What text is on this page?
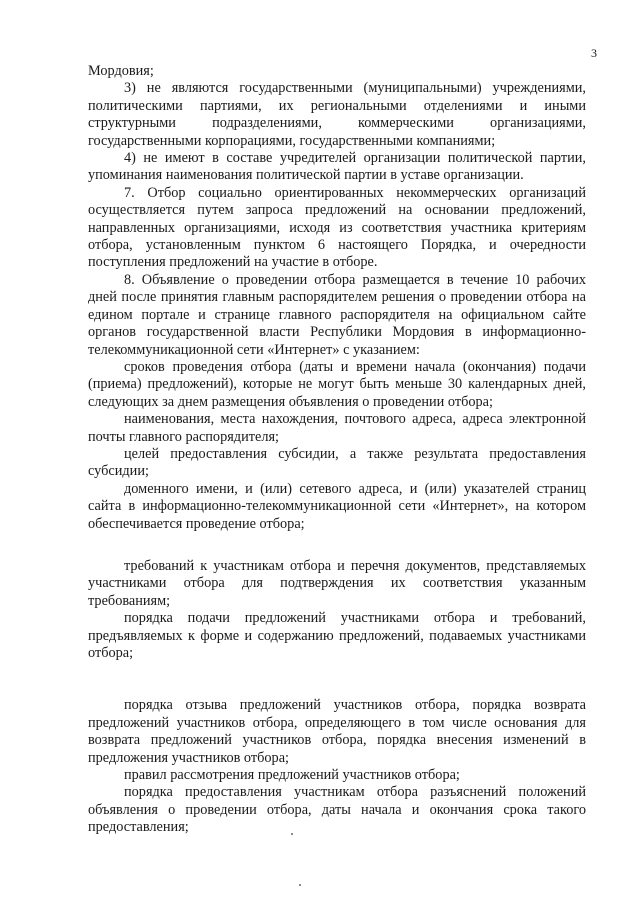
3

Мордовия;

3) не являются государственными (муниципальными) учреждениями, политическими партиями, их региональными отделениями и иными структурными подразделениями, коммерческими организациями, государственными корпорациями, государственными компаниями;

4) не имеют в составе учредителей организации политической партии, упоминания наименования политической партии в уставе организации.

7. Отбор социально ориентированных некоммерческих организаций осуществляется путем запроса предложений на основании предложений, направленных организациями, исходя из соответствия участника критериям отбора, установленным пунктом 6 настоящего Порядка, и очередности поступления предложений на участие в отборе.

8. Объявление о проведении отбора размещается в течение 10 рабочих дней после принятия главным распорядителем решения о проведении отбора на едином портале и странице главного распорядителя на официальном сайте органов государственной власти Республики Мордовия в информационно-телекоммуникационной сети «Интернет» с указанием:

сроков проведения отбора (даты и времени начала (окончания) подачи (приема) предложений), которые не могут быть меньше 30 календарных дней, следующих за днем размещения объявления о проведении отбора;

наименования, места нахождения, почтового адреса, адреса электронной почты главного распорядителя;

целей предоставления субсидии, а также результата предоставления субсидии;

доменного имени, и (или) сетевого адреса, и (или) указателей страниц сайта в информационно-телекоммуникационной сети «Интернет», на котором обеспечивается проведение отбора;

требований к участникам отбора и перечня документов, представляемых участниками отбора для подтверждения их соответствия указанным требованиям;

порядка подачи предложений участниками отбора и требований, предъявляемых к форме и содержанию предложений, подаваемых участниками отбора;

порядка отзыва предложений участников отбора, порядка возврата предложений участников отбора, определяющего в том числе основания для возврата предложений участников отбора, порядка внесения изменений в предложения участников отбора;

правил рассмотрения предложений участников отбора;

порядка предоставления участникам отбора разъяснений положений объявления о проведении отбора, даты начала и окончания срока такого предоставления;
